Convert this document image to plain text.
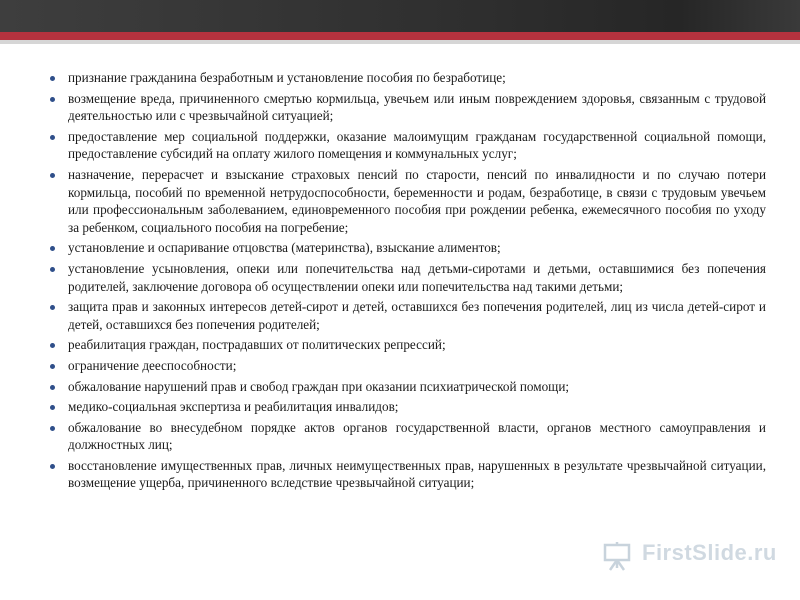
признание гражданина безработным и установление пособия по безработице;
возмещение вреда, причиненного смертью кормильца, увечьем или иным повреждением здоровья, связанным с трудовой деятельностью или с чрезвычайной ситуацией;
предоставление мер социальной поддержки, оказание малоимущим гражданам государственной социальной помощи, предоставление субсидий на оплату жилого помещения и коммунальных услуг;
назначение, перерасчет и взыскание страховых пенсий по старости, пенсий по инвалидности и по случаю потери кормильца, пособий по временной нетрудоспособности, беременности и родам, безработице, в связи с трудовым увечьем или профессиональным заболеванием, единовременного пособия при рождении ребенка, ежемесячного пособия по уходу за ребенком, социального пособия на погребение;
установление и оспаривание отцовства (материнства), взыскание алиментов;
установление усыновления, опеки или попечительства над детьми-сиротами и детьми, оставшимися без попечения родителей, заключение договора об осуществлении опеки или попечительства над такими детьми;
защита прав и законных интересов детей-сирот и детей, оставшихся без попечения родителей, лиц из числа детей-сирот и детей, оставшихся без попечения родителей;
реабилитация граждан, пострадавших от политических репрессий;
ограничение дееспособности;
обжалование нарушений прав и свобод граждан при оказании психиатрической помощи;
медико-социальная экспертиза и реабилитация инвалидов;
обжалование во внесудебном порядке актов органов государственной власти, органов местного самоуправления и должностных лиц;
восстановление имущественных прав, личных неимущественных прав, нарушенных в результате чрезвычайной ситуации, возмещение ущерба, причиненного вследствие чрезвычайной ситуации;
FirstSlide.ru
